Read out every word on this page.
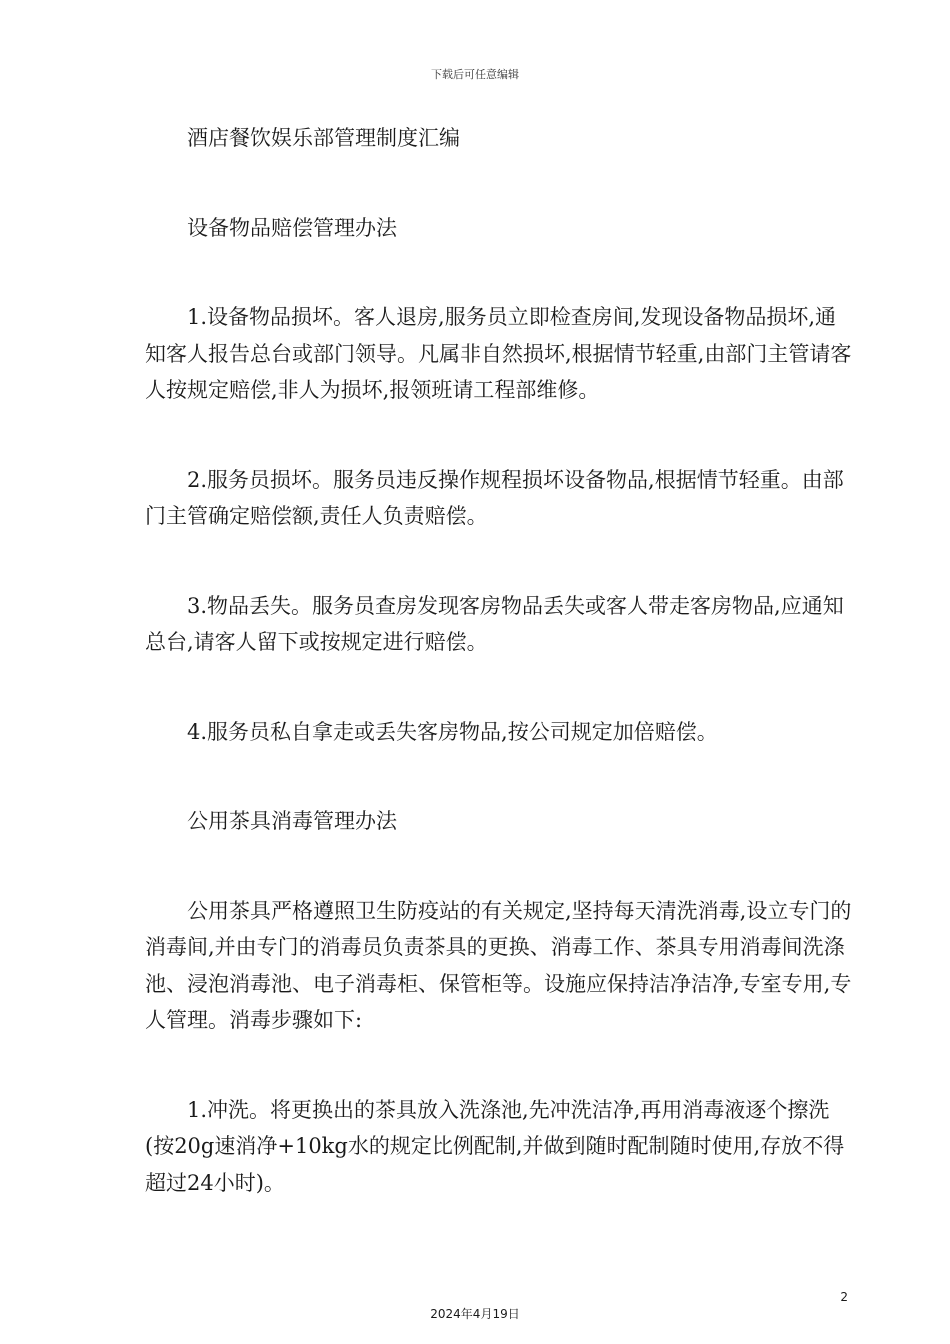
下载后可任意编辑

酒店餐饮娱乐部管理制度汇编

设备物品赔偿管理办法

1.设备物品损坏。客人退房,服务员立即检查房间,发现设备物品损坏,通知客人报告总台或部门领导。凡属非自然损坏,根据情节轻重,由部门主管请客人按规定赔偿,非人为损坏,报领班请工程部维修。

2.服务员损坏。服务员违反操作规程损坏设备物品,根据情节轻重。由部门主管确定赔偿额,责任人负责赔偿。

3.物品丢失。服务员查房发现客房物品丢失或客人带走客房物品,应通知总台,请客人留下或按规定进行赔偿。

4.服务员私自拿走或丢失客房物品,按公司规定加倍赔偿。

公用茶具消毒管理办法

公用茶具严格遵照卫生防疫站的有关规定,坚持每天清洗消毒,设立专门的消毒间,并由专门的消毒员负责茶具的更换、消毒工作、茶具专用消毒间洗涤池、浸泡消毒池、电子消毒柜、保管柜等。设施应保持洁净洁净,专室专用,专人管理。消毒步骤如下:

1.冲洗。将更换出的茶具放入洗涤池,先冲洗洁净,再用消毒液逐个擦洗(按20g速消净+10kg水的规定比例配制,并做到随时配制随时使用,存放不得超过24小时)。

2
2024年4月19日
